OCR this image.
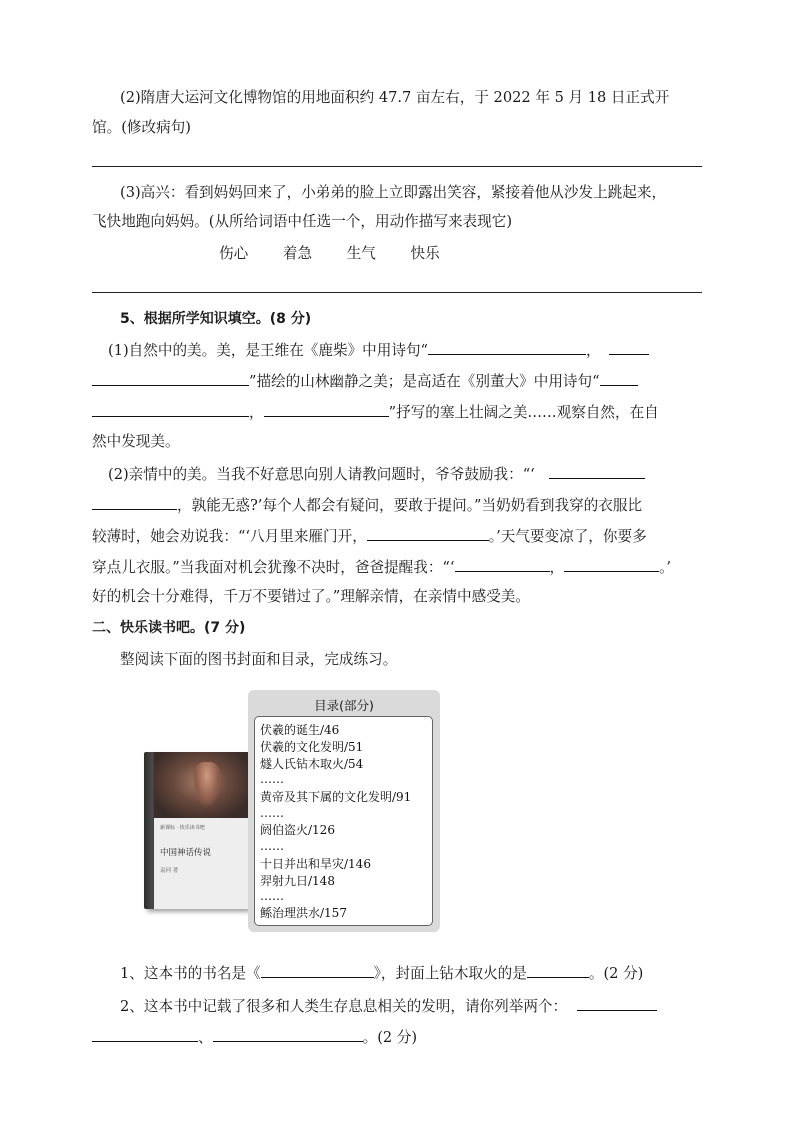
(2)隋唐大运河文化博物馆的用地面积约 47.7 亩左右，于 2022 年 5 月 18 日正式开
馆。(修改病句)
(3)高兴：看到妈妈回来了，小弟弟的脸上立即露出笑容，紧接着他从沙发上跳起来，
飞快地跑向妈妈。(从所给词语中任选一个，用动作描写来表现它)
伤心 着急 生气 快乐
5、根据所学知识填空。(8 分)
(1)自然中的美。美，是王维在《鹿柴》中用诗句“	，
”描绘的山林幽静之美；是高适在《别董大》中用诗句“
，	”抒写的塞上壮阔之美……观察自然，在自
然中发现美。
(2)亲情中的美。当我不好意思向别人请教问题时，爷爷鼓励我：“‘
，孰能无惑?’每个人都会有疑问，要敢于提问。”当奶奶看到我穿的衣服比
较薄时，她会劝说我：“‘八月里来雁门开，	。’天气要变凉了，你要多
穿点儿衣服。”当我面对机会犹豫不决时，爸爸提醒我：“‘	，	。’
好的机会十分难得，千万不要错过了。”理解亲情，在亲情中感受美。
二、快乐读书吧。(7 分)
整阅读下面的图书封面和目录，完成练习。
新课标 · 快乐读书吧
中国神话传说
袁珂 著
目录(部分)
伏羲的诞生/46
伏羲的文化发明/51
燧人氏钻木取火/54
……
黄帝及其下属的文化发明/91
……
阏伯盗火/126
……
十日并出和旱灾/146
羿射九日/148
……
鲧治理洪水/157
1、这本书的书名是《	》，封面上钻木取火的是	。(2 分)
2、这本书中记载了很多和人类生存息息相关的发明，请你列举两个：
、	。(2 分)
